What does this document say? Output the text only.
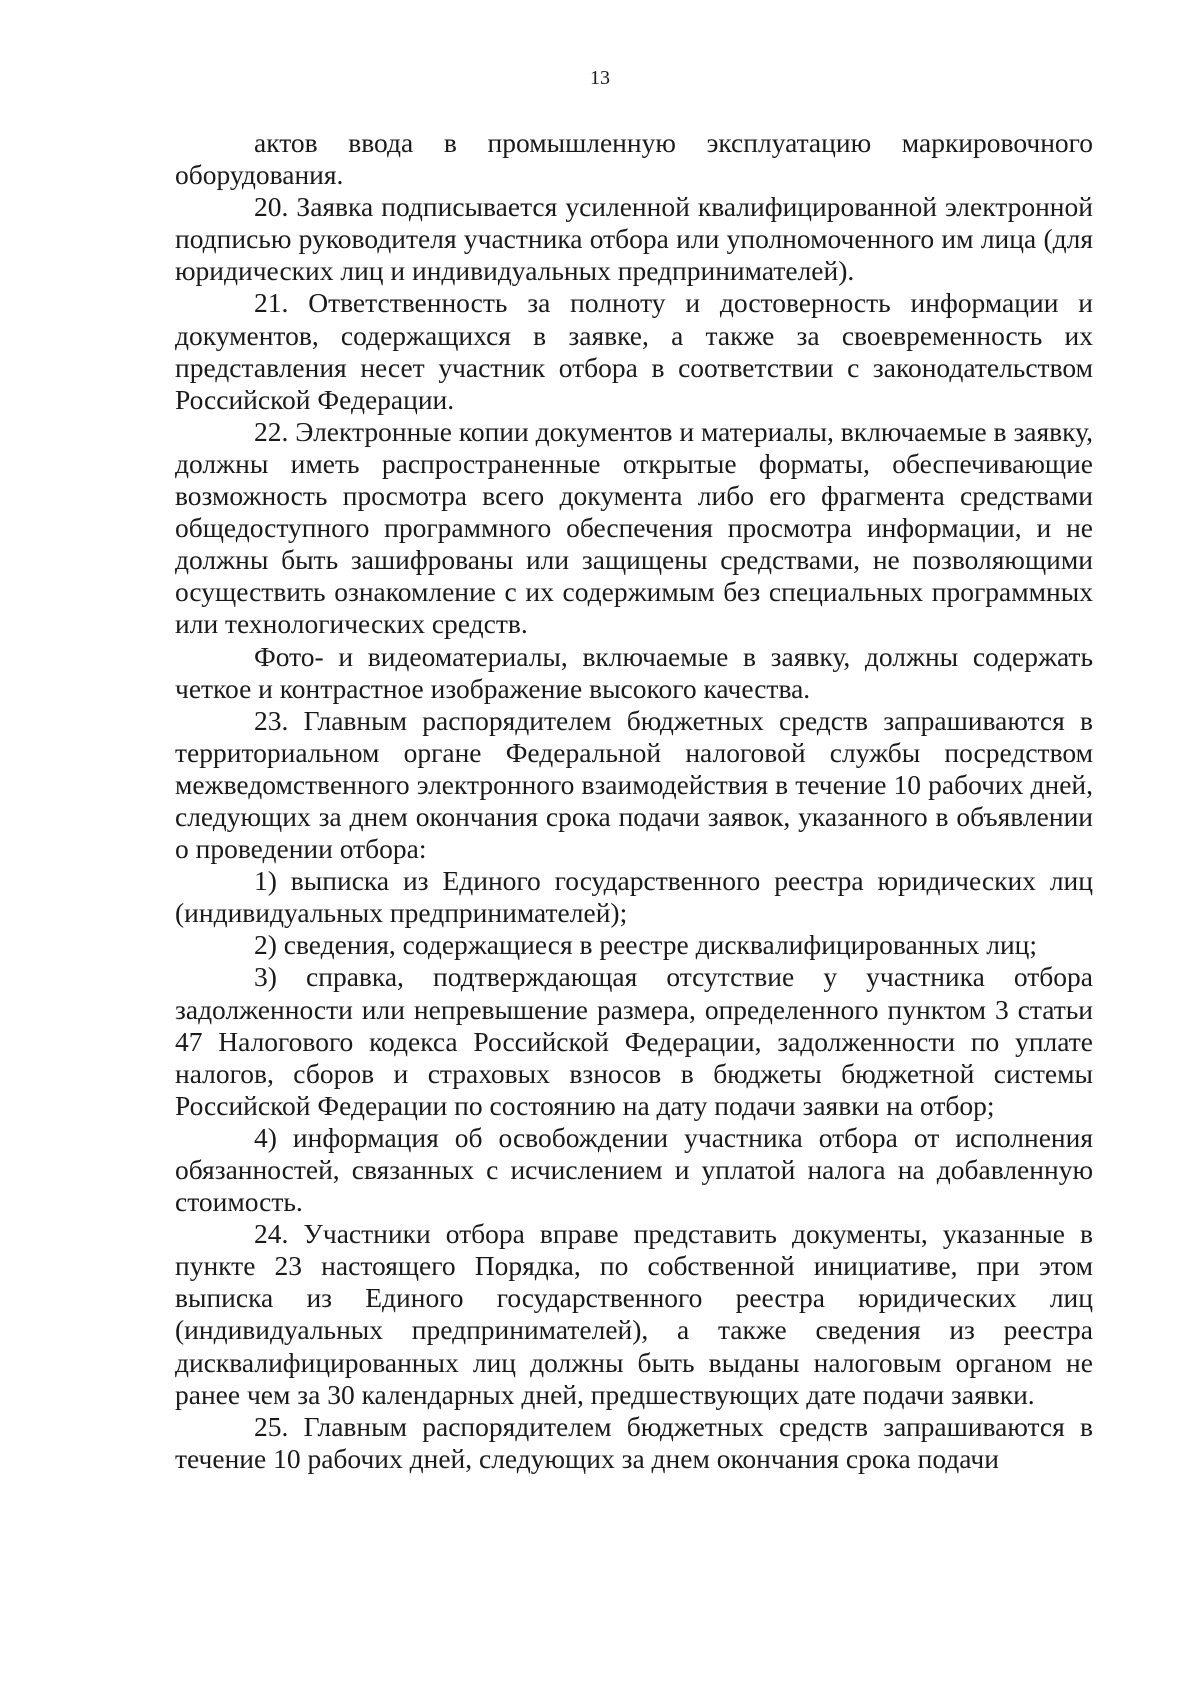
13

актов ввода в промышленную эксплуатацию маркировочного оборудования.

20. Заявка подписывается усиленной квалифицированной электронной подписью руководителя участника отбора или уполномоченного им лица (для юридических лиц и индивидуальных предпринимателей).

21. Ответственность за полноту и достоверность информации и документов, содержащихся в заявке, а также за своевременность их представления несет участник отбора в соответствии с законодательством Российской Федерации.

22. Электронные копии документов и материалы, включаемые в заявку, должны иметь распространенные открытые форматы, обеспечивающие возможность просмотра всего документа либо его фрагмента средствами общедоступного программного обеспечения просмотра информации, и не должны быть зашифрованы или защищены средствами, не позволяющими осуществить ознакомление с их содержимым без специальных программных или технологических средств.

Фото- и видеоматериалы, включаемые в заявку, должны содержать четкое и контрастное изображение высокого качества.

23. Главным распорядителем бюджетных средств запрашиваются в территориальном органе Федеральной налоговой службы посредством межведомственного электронного взаимодействия в течение 10 рабочих дней, следующих за днем окончания срока подачи заявок, указанного в объявлении о проведении отбора:

1) выписка из Единого государственного реестра юридических лиц (индивидуальных предпринимателей);

2) сведения, содержащиеся в реестре дисквалифицированных лиц;

3) справка, подтверждающая отсутствие у участника отбора задолженности или непревышение размера, определенного пунктом 3 статьи 47 Налогового кодекса Российской Федерации, задолженности по уплате налогов, сборов и страховых взносов в бюджеты бюджетной системы Российской Федерации по состоянию на дату подачи заявки на отбор;

4) информация об освобождении участника отбора от исполнения обязанностей, связанных с исчислением и уплатой налога на добавленную стоимость.

24. Участники отбора вправе представить документы, указанные в пункте 23 настоящего Порядка, по собственной инициативе, при этом выписка из Единого государственного реестра юридических лиц (индивидуальных предпринимателей), а также сведения из реестра дисквалифицированных лиц должны быть выданы налоговым органом не ранее чем за 30 календарных дней, предшествующих дате подачи заявки.

25. Главным распорядителем бюджетных средств запрашиваются в течение 10 рабочих дней, следующих за днем окончания срока подачи
